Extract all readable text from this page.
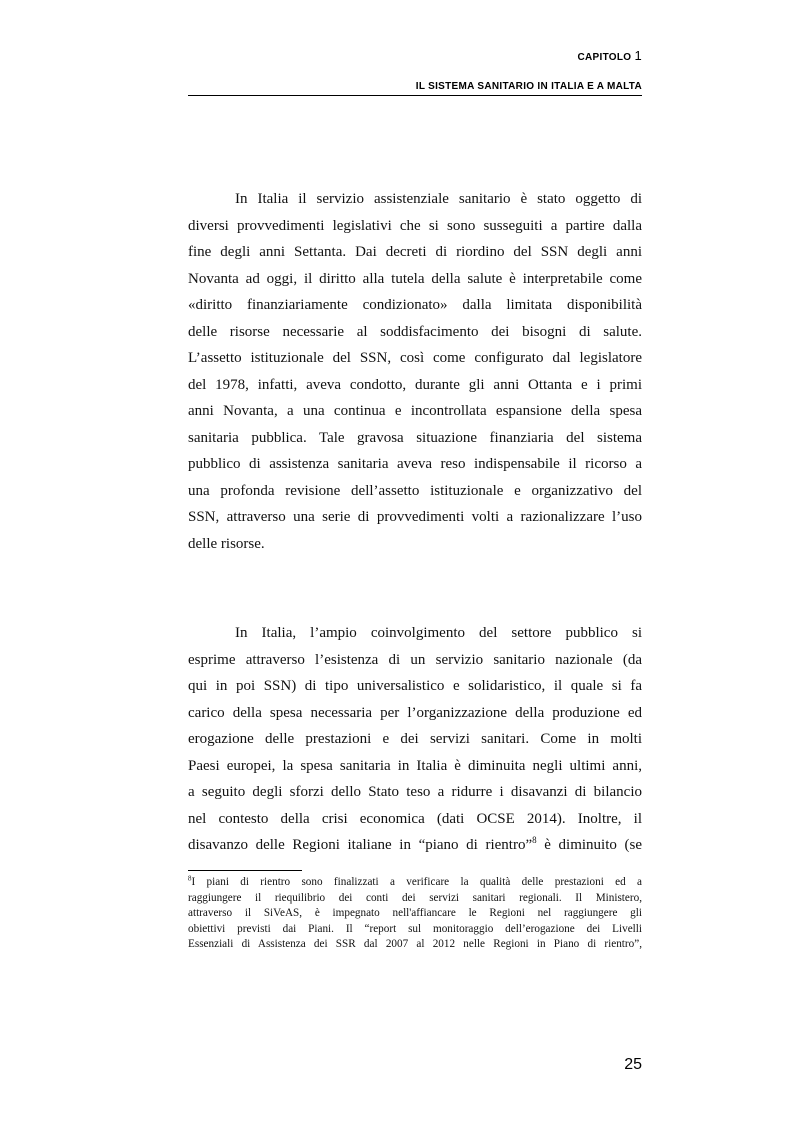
CAPITOLO 1
IL SISTEMA SANITARIO IN ITALIA E A MALTA
In Italia il servizio assistenziale sanitario è stato oggetto di
diversi provvedimenti legislativi che si sono susseguiti a partire dalla
fine degli anni Settanta. Dai decreti di riordino del SSN degli anni
Novanta ad oggi, il diritto alla tutela della salute è interpretabile come
«diritto finanziariamente condizionato» dalla limitata disponibilità
delle risorse necessarie al soddisfacimento dei bisogni di salute.
L’assetto istituzionale del SSN, così come configurato dal legislatore
del 1978, infatti, aveva condotto, durante gli anni Ottanta e i primi
anni Novanta, a una continua e incontrollata espansione della spesa
sanitaria pubblica. Tale gravosa situazione finanziaria del sistema
pubblico di assistenza sanitaria aveva reso indispensabile il ricorso a
una profonda revisione dell’assetto istituzionale e organizzativo del
SSN, attraverso una serie di provvedimenti volti a razionalizzare l’uso
delle risorse.
In Italia, l’ampio coinvolgimento del settore pubblico si
esprime attraverso l’esistenza di un servizio sanitario nazionale (da
qui in poi SSN) di tipo universalistico e solidaristico, il quale si fa
carico della spesa necessaria per l’organizzazione della produzione ed
erogazione delle prestazioni e dei servizi sanitari. Come in molti
Paesi europei, la spesa sanitaria in Italia è diminuita negli ultimi anni,
a seguito degli sforzi dello Stato teso a ridurre i disavanzi di bilancio
nel contesto della crisi economica (dati OCSE 2014). Inoltre, il
disavanzo delle Regioni italiane in “piano di rientro”$^8$ è diminuito (se
$^8$I piani di rientro sono finalizzati a verificare la qualità delle prestazioni ed a
raggiungere il riequilibrio dei conti dei servizi sanitari regionali. Il Ministero,
attraverso il SiVeAS, è impegnato nell'affiancare le Regioni nel raggiungere gli
obiettivi previsti dai Piani. Il “report sul monitoraggio dell’erogazione dei Livelli
Essenziali di Assistenza dei SSR dal 2007 al 2012 nelle Regioni in Piano di rientro”,
25
